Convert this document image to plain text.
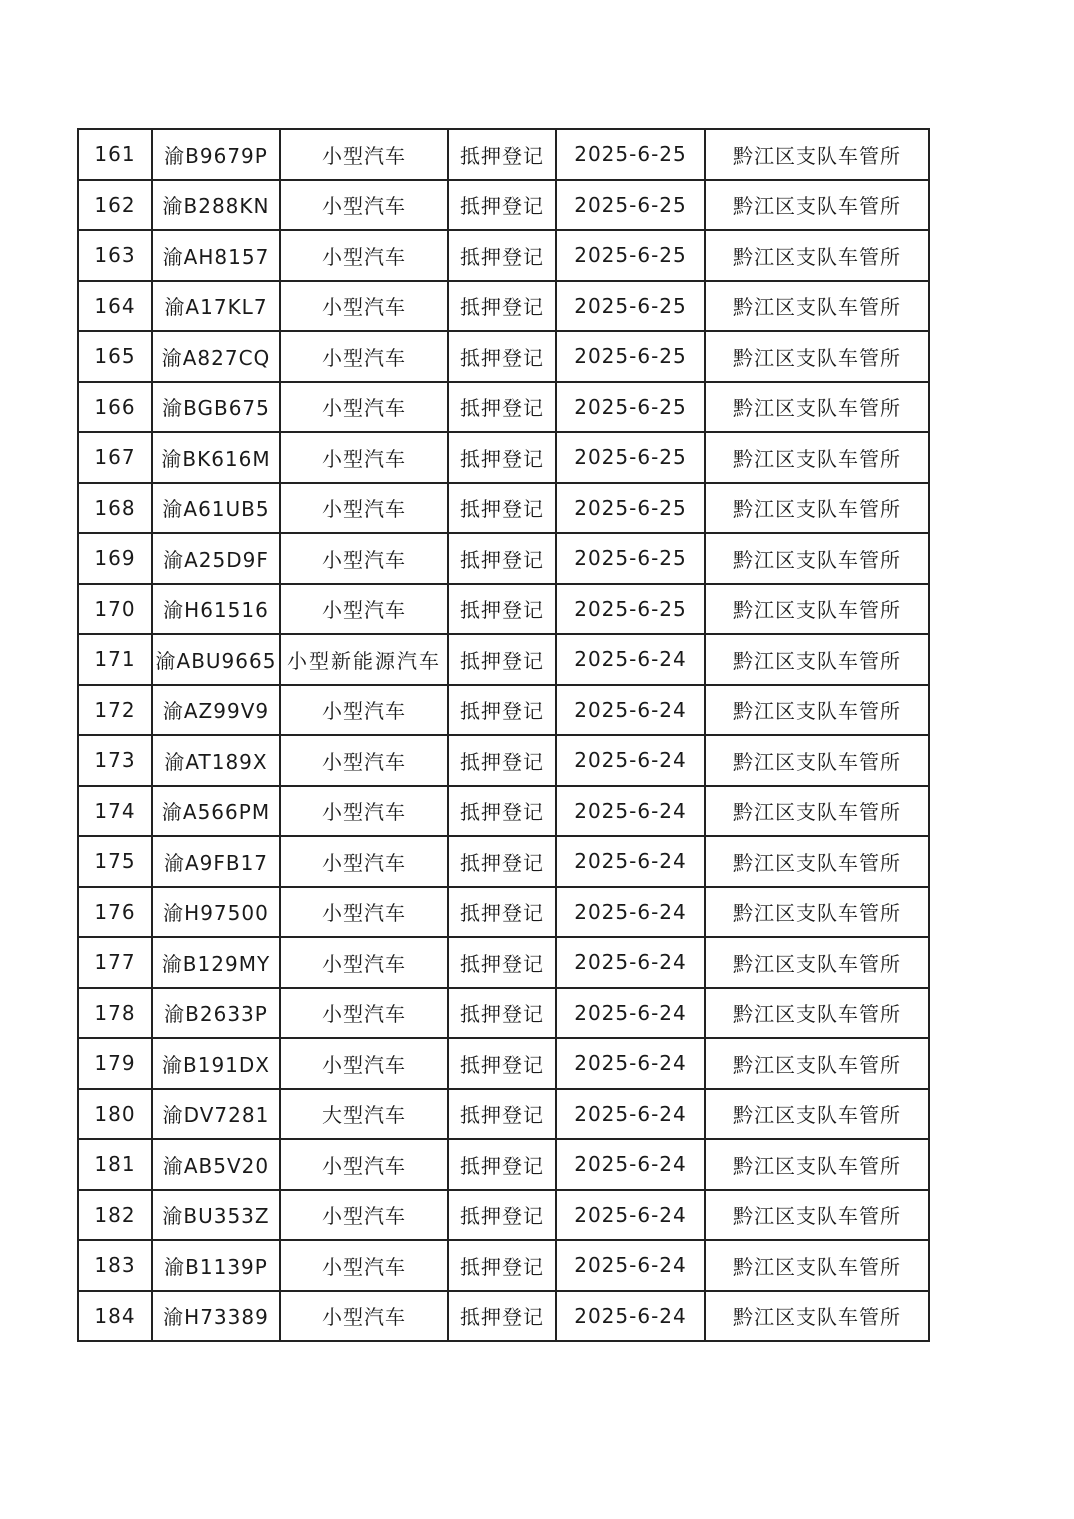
161	渝B9679P	小型汽车	抵押登记	2025-6-25	黔江区支队车管所
162	渝B288KN	小型汽车	抵押登记	2025-6-25	黔江区支队车管所
163	渝AH8157	小型汽车	抵押登记	2025-6-25	黔江区支队车管所
164	渝A17KL7	小型汽车	抵押登记	2025-6-25	黔江区支队车管所
165	渝A827CQ	小型汽车	抵押登记	2025-6-25	黔江区支队车管所
166	渝BGB675	小型汽车	抵押登记	2025-6-25	黔江区支队车管所
167	渝BK616M	小型汽车	抵押登记	2025-6-25	黔江区支队车管所
168	渝A61UB5	小型汽车	抵押登记	2025-6-25	黔江区支队车管所
169	渝A25D9F	小型汽车	抵押登记	2025-6-25	黔江区支队车管所
170	渝H61516	小型汽车	抵押登记	2025-6-25	黔江区支队车管所
171	渝ABU9665	小型新能源汽车	抵押登记	2025-6-24	黔江区支队车管所
172	渝AZ99V9	小型汽车	抵押登记	2025-6-24	黔江区支队车管所
173	渝AT189X	小型汽车	抵押登记	2025-6-24	黔江区支队车管所
174	渝A566PM	小型汽车	抵押登记	2025-6-24	黔江区支队车管所
175	渝A9FB17	小型汽车	抵押登记	2025-6-24	黔江区支队车管所
176	渝H97500	小型汽车	抵押登记	2025-6-24	黔江区支队车管所
177	渝B129MY	小型汽车	抵押登记	2025-6-24	黔江区支队车管所
178	渝B2633P	小型汽车	抵押登记	2025-6-24	黔江区支队车管所
179	渝B191DX	小型汽车	抵押登记	2025-6-24	黔江区支队车管所
180	渝DV7281	大型汽车	抵押登记	2025-6-24	黔江区支队车管所
181	渝AB5V20	小型汽车	抵押登记	2025-6-24	黔江区支队车管所
182	渝BU353Z	小型汽车	抵押登记	2025-6-24	黔江区支队车管所
183	渝B1139P	小型汽车	抵押登记	2025-6-24	黔江区支队车管所
184	渝H73389	小型汽车	抵押登记	2025-6-24	黔江区支队车管所
